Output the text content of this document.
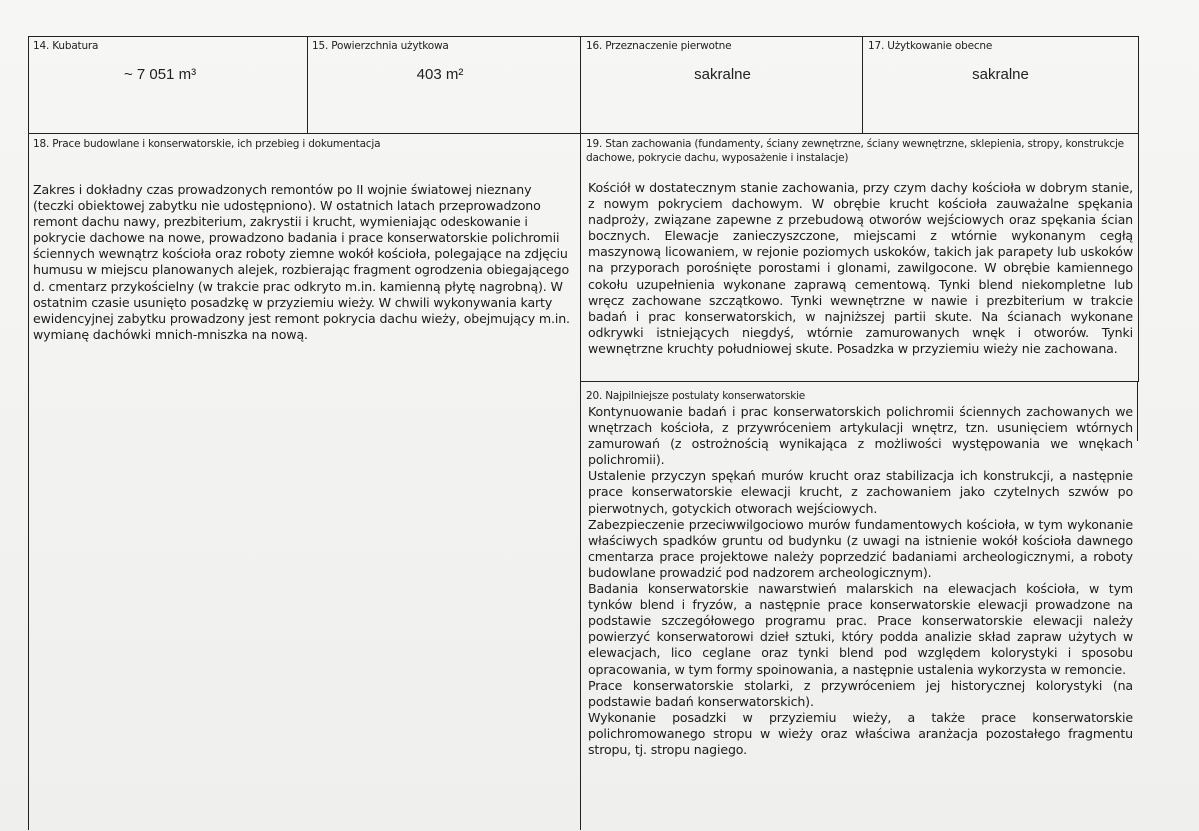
14. Kubatura
~ 7 051 m³
15. Powierzchnia użytkowa
403 m²
16. Przeznaczenie pierwotne
sakralne
17. Użytkowanie obecne
sakralne
18. Prace budowlane i konserwatorskie, ich przebieg i dokumentacja

Zakres i dokładny czas prowadzonych remontów po II wojnie światowej nieznany
(teczki obiektowej zabytku nie udostępniono). W ostatnich latach przeprowadzono
remont dachu nawy, prezbiterium, zakrystii i krucht, wymieniając odeskowanie i
pokrycie dachowe na nowe, prowadzono badania i prace konserwatorskie polichromii
ściennych wewnątrz kościoła oraz roboty ziemne wokół kościoła, polegające na zdjęciu
humusu w miejscu planowanych alejek, rozbierając fragment ogrodzenia obiegającego
d. cmentarz przykościelny (w trakcie prac odkryto m.in. kamienną płytę nagrobną). W
ostatnim czasie usunięto posadzkę w przyziemiu wieży. W chwili wykonywania karty
ewidencyjnej zabytku prowadzony jest remont pokrycia dachu wieży, obejmujący m.in.
wymianę dachówki mnich-mniszka na nową.

19. Stan zachowania (fundamenty, ściany zewnętrzne, ściany wewnętrzne, sklepienia, stropy, konstrukcje
dachowe, pokrycie dachu, wyposażenie i instalacje)

Kościół w dostatecznym stanie zachowania, przy czym dachy kościoła w dobrym stanie, z nowym pokryciem dachowym. W obrębie krucht kościoła zauważalne spękania nadproży, związane zapewne z przebudową otworów wejściowych oraz spękania ścian bocznych. Elewacje zanieczyszczone, miejscami z wtórnie wykonanym cegłą maszynową licowaniem, w rejonie poziomych uskoków, takich jak parapety lub uskoków na przyporach porośnięte porostami i glonami, zawilgocone. W obrębie kamiennego cokołu uzupełnienia wykonane zaprawą cementową. Tynki blend niekompletne lub wręcz zachowane szczątkowo. Tynki wewnętrzne w nawie i prezbiterium w trakcie badań i prac konserwatorskich, w najniższej partii skute. Na ścianach wykonane odkrywki istniejących niegdyś, wtórnie zamurowanych wnęk i otworów. Tynki wewnętrzne kruchty południowej skute. Posadzka w przyziemiu wieży nie zachowana.

20. Najpilniejsze postulaty konserwatorskie

Kontynuowanie badań i prac konserwatorskich polichromii ściennych zachowanych we wnętrzach kościoła, z przywróceniem artykulacji wnętrz, tzn. usunięciem wtórnych zamurowań (z ostrożnością wynikająca z możliwości występowania we wnękach polichromii).

Ustalenie przyczyn spękań murów krucht oraz stabilizacja ich konstrukcji, a następnie prace konserwatorskie elewacji krucht, z zachowaniem jako czytelnych szwów po pierwotnych, gotyckich otworach wejściowych.

Zabezpieczenie przeciwwilgociowo murów fundamentowych kościoła, w tym wykonanie właściwych spadków gruntu od budynku (z uwagi na istnienie wokół kościoła dawnego cmentarza prace projektowe należy poprzedzić badaniami archeologicznymi, a roboty budowlane prowadzić pod nadzorem archeologicznym).

Badania konserwatorskie nawarstwień malarskich na elewacjach kościoła, w tym tynków blend i fryzów, a następnie prace konserwatorskie elewacji prowadzone na podstawie szczegółowego programu prac. Prace konserwatorskie elewacji należy powierzyć konserwatorowi dzieł sztuki, który podda analizie skład zapraw użytych w elewacjach, lico ceglane oraz tynki blend pod względem kolorystyki i sposobu opracowania, w tym formy spoinowania, a następnie ustalenia wykorzysta w remoncie.

Prace konserwatorskie stolarki, z przywróceniem jej historycznej kolorystyki (na podstawie badań konserwatorskich).

Wykonanie posadzki w przyziemiu wieży, a także prace konserwatorskie polichromowanego stropu w wieży oraz właściwa aranżacja pozostałego fragmentu stropu, tj. stropu nagiego.
